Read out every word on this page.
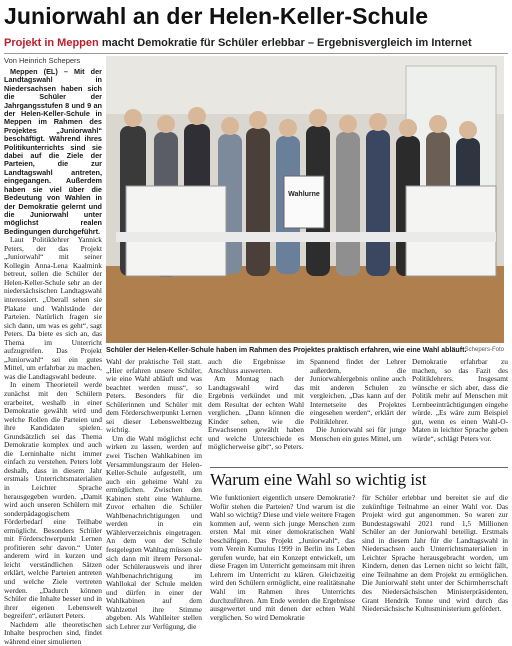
Juniorwahl an der Helen-Keller-Schule
Projekt in Meppen macht Demokratie für Schüler erlebbar – Ergebnisvergleich im Internet
Von Heinrich Schepers

Meppen (EL) – Mit der Landtagswahl in Niedersachsen haben sich die Schüler der Jahrgangsstufen 8 und 9 an der Helen-Keller-Schule in Meppen im Rahmen des Projektes „Juniorwahl“ beschäftigt. Während ihres Politikunterrichts sind sie dabei auf die Ziele der Parteien, die zur Landtagswahl antreten, eingegangen. Außerdem haben sie viel über die Bedeutung von Wahlen in der Demokratie gelernt und die Juniorwahl unter möglichst realen Bedingungen durchgeführt.

Laut Politiklehrer Yannick Peters, der das Projekt „Juniorwahl“ mit seiner Kollegin Anna-Lena Kaalmink betreut, sollen die Schüler der Helen-Keller-Schule sehr an der niedersächsischen Landtagswahl interessiert. „Überall sehen sie Plakate und Wahlstände der Parteien. Natürlich fragen sie sich dann, um was es geht“, sagt Peters. Da biete es sich an, das Thema im Unterricht aufzugreifen. Das Projekt „Juniorwahl“ sei ein gutes Mittel, um erfahrbar zu machen, was die Landtagswahl bedeute.

In einem Theorieteil werde zunächst mit den Schülern erarbeitet, weshalb in einer Demokratie gewählt wird und welche Rollen die Parteien und ihre Kandidaten spielen. Grundsätzlich sei das Thema Demokratie komplex und auch die Lerninhalte nicht immer einfach zu verstehen. Peters lobt deshalb, dass in diesem Jahr erstmals Unterrichtsmaterialien in Leichter Sprache herausgegeben wurden. „Damit wird auch unseren Schülern mit sonderpädagogischem Förderbedarf eine Teilhabe ermöglicht. Besonders Schüler mit Förderschwerpunkt Lernen profitieren sehr davon.“ Unter anderem wird in kurzen und leicht verständlichen Sätzen erklärt, welche Parteien antreten und welche Ziele vertreten werden. „Dadurch können Schüler die Inhalte besser und in ihrer eigenen Lebenswelt begreifen“, erläutert Peters.

Nachdem alle theoretischen Inhalte besprochen sind, findet während einer simulierten

Wahlurne
Schüler der Helen-Keller-Schule haben im Rahmen des Projektes praktisch erfahren, wie eine Wahl abläuft.
Schepers-Foto

Wahl der praktische Teil statt. „Hier erfahren unsere Schüler, wie eine Wahl abläuft und was beachtet werden muss“, so Peters. Besonders für die Schülerinnen und Schüler mit dem Förderschwerpunkt Lernen sei dieser Lebensweltbezug wichtig.

Um die Wahl möglichst echt wirken zu lassen, werden auf zwei Tischen Wahlkabinen im Versammlungsraum der Helen-Keller-Schule aufgestellt, um auch ein geheime Wahl zu ermöglichen. Zwischen den Kabinen steht eine Wahlurne. Zuvor erhalten die Schüler Wahlbenachrichtigungen und werden in ein Wählerverzeichnis eingetragen. An dem von der Schule festgelegten Wahltag müssen sie sich dann mit ihrem Personal- oder Schülerausweis und ihrer Wahlbenachrichtigung im Wahllokal der Schule melden und dürfen in einer der Wahlkabinen auf dem Wahlzettel ihre Stimme abgeben. Als Wahlleiter stellen sich Lehrer zur Verfügung, die

auch die Ergebnisse im Anschluss auswerten.

Am Montag nach der Landtagswahl wird das Ergebnis verkündet und mit dem Resultat der echten Wahl verglichen. „Dann können die Kinder sehen, wie die Erwachsenen gewählt haben und welche Unterschiede es möglicherweise gibt“, so Peters.

Spannend findet der Lehrer außerdem, die Juniorwahlergebnis online auch mit anderen Schulen zu vergleichen. „Das kann auf der Internetseite des Projektes eingesehen werden“, erklärt der Politiklehrer.

Die Juniorwahl sei für junge Menschen ein gutes Mittel, um

Demokratie erfahrbar zu machen, so das Fazit des Politiklehrers. Insgesamt wünsche er sich aber, dass die Politik mehr auf Menschen mit Lernbeeinträchtigungen eingehe würde. „Es wäre zum Beispiel gut, wenn es einen Wahl-O-Maten in leichter Sprache geben würde“, schlägt Peters vor.

Warum eine Wahl so wichtig ist

Wie funktioniert eigentlich unsere Demokratie? Wofür stehen die Parteien? Und warum ist die Wahl so wichtig? Diese und viele weitere Fragen kommen auf, wenn sich junge Menschen zum ersten Mal mit einer demokratischen Wahl beschäftigen. Das Projekt „Juniorwahl“, das vom Verein Kumulus 1999 in Berlin ins Leben gerufen wurde, hat ein Konzept entwickelt, um diese Fragen im Unterricht gemeinsam mit ihren Lehrern im Unterricht zu klären. Gleichzeitig wird den Schülern ermöglicht, eine realitätsnahe Wahl im Rahmen ihres Unterrichts durchzuführen. Am Ende werden die Ergebnisse ausgewertet und mit denen der echten Wahl verglichen. So wird Demokratie

für Schüler erlebbar und bereitet sie auf die zukünftige Teilnahme an einer Wahl vor. Das Projekt wird gut angenommen. So waren zur Bundestagswahl 2021 rund 1,5 Millionen Schüler an der Juniorwahl beteiligt. Erstmals sind in diesem Jahr für die Landtagswahl in Niedersachsen auch Unterrichtsmaterialien in Leichter Sprache herausgebracht worden, um Kindern, denen das Lernen nicht so leicht fällt, eine Teilnahme an dem Projekt zu ermöglichen. Die Juniorwahl steht unter der Schirmherrschaft des Niedersächsischen Ministerpräsidenten, Grant Hendrik Tonne und wird durch das Niedersächsische Kultusministerium gefördert.
